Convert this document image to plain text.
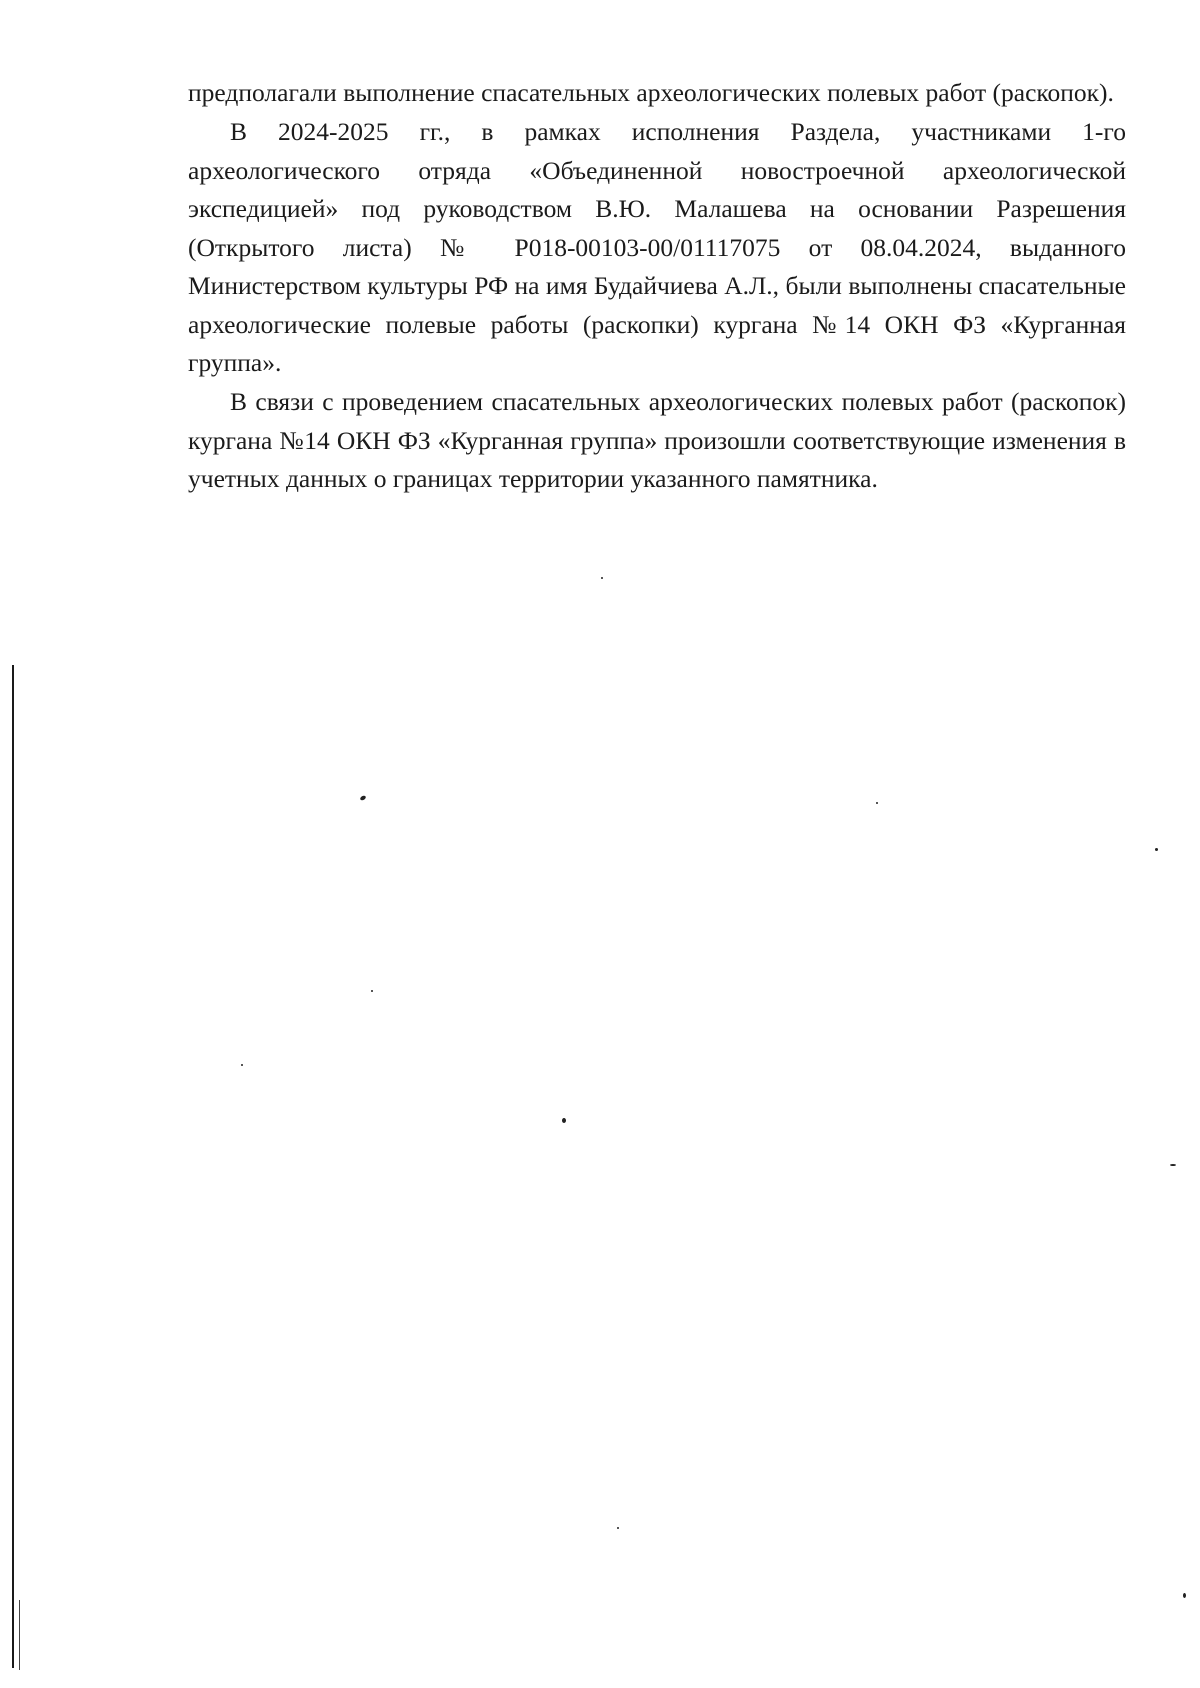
предполагали выполнение спасательных археологических полевых работ (раскопок).

В 2024-2025 гг., в рамках исполнения Раздела, участниками 1-го археологического отряда «Объединенной новостроечной археологической экспедицией» под руководством В.Ю. Малашева на основании Разрешения (Открытого листа) № Р018-00103-00/01117075 от 08.04.2024, выданного Министерством культуры РФ на имя Будайчиева А.Л., были выполнены спасательные археологические полевые работы (раскопки) кургана №14 ОКН ФЗ «Курганная группа».

В связи с проведением спасательных археологических полевых работ (раскопок) кургана №14 ОКН ФЗ «Курганная группа» произошли соответствующие изменения в учетных данных о границах территории указанного памятника.
